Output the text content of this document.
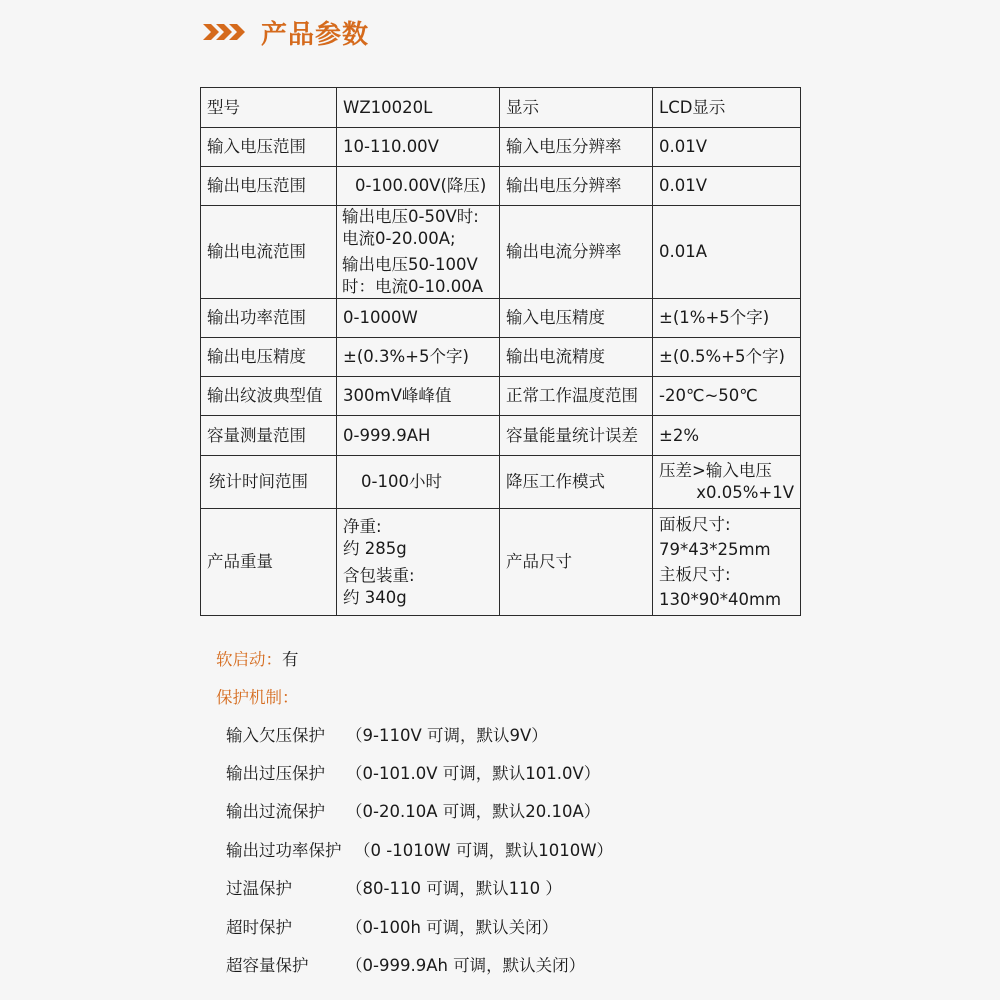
产品参数
型号	WZ10020L	显示	LCD显示
输入电压范围	10-110.00V	输入电压分辨率	0.01V
输出电压范围	0-100.00V(降压)	输出电压分辨率	0.01V
输出电流范围	输出电压0-50V时:
电流0-20.00A;
输出电压50-100V
时：电流0-10.00A	输出电流分辨率	0.01A
输出功率范围	0-1000W	输入电压精度	±(1%+5个字)
输出电压精度	±(0.3%+5个字)	输出电流精度	±(0.5%+5个字)
输出纹波典型值	300mV峰峰值	正常工作温度范围	-20℃~50℃
容量测量范围	0-999.9AH	容量能量统计误差	±2%
统计时间范围	0-100小时	降压工作模式	压差>输入电压
x0.05%+1V

产品重量	净重:
约 285g
含包装重:
约 340g	产品尺寸	面板尺寸:
79*43*25mm
主板尺寸:
130*90*40mm
软启动：有
保护机制：
输入欠压保护 （9-110V 可调，默认9V）
输出过压保护 （0-101.0V 可调，默认101.0V）
输出过流保护 （0-20.10A 可调，默认20.10A）
输出过功率保护 （0 -1010W 可调，默认1010W）
过温保护	（80-110 可调，默认110 ）
超时保护	（0-100h 可调，默认关闭）
超容量保护 （0-999.9Ah 可调，默认关闭）
